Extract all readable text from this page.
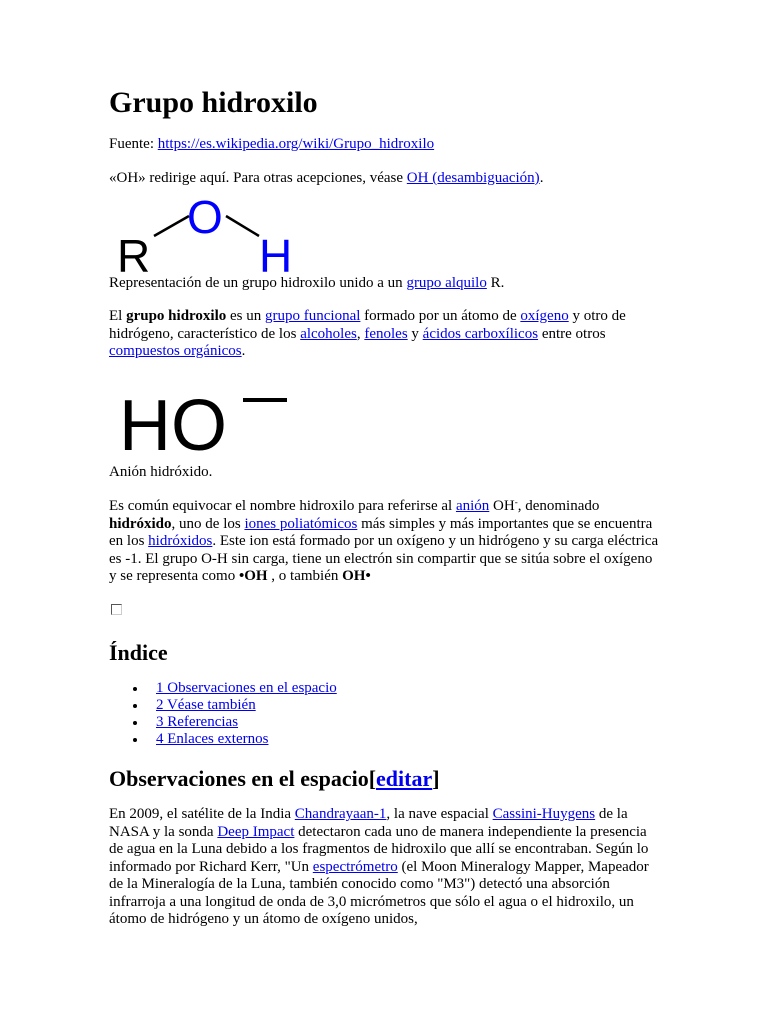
Grupo hidroxilo

Fuente: https://es.wikipedia.org/wiki/Grupo_hidroxilo

«OH» redirige aquí. Para otras acepciones, véase OH (desambiguación).

R
O
H

Representación de un grupo hidroxilo unido a un grupo alquilo R.

El grupo hidroxilo es un grupo funcional formado por un átomo de oxígeno y otro de hidrógeno, característico de los alcoholes, fenoles y ácidos carboxílicos entre otros compuestos orgánicos.

HO

Anión hidróxido.

Es común equivocar el nombre hidroxilo para referirse al anión OH-, denominado hidróxido, uno de los iones poliatómicos más simples y más importantes que se encuentra en los hidróxidos. Este ion está formado por un oxígeno y un hidrógeno y su carga eléctrica es -1. El grupo O-H sin carga, tiene un electrón sin compartir que se sitúa sobre el oxígeno y se representa como •OH , o también OH•

Índice
1 Observaciones en el espacio
2 Véase también
3 Referencias
4 Enlaces externos
Observaciones en el espacio[editar]

En 2009, el satélite de la India Chandrayaan-1, la nave espacial Cassini-Huygens de la NASA y la sonda Deep Impact detectaron cada uno de manera independiente la presencia de agua en la Luna debido a los fragmentos de hidroxilo que allí se encontraban. Según lo informado por Richard Kerr, "Un espectrómetro (el Moon Mineralogy Mapper, Mapeador de la Mineralogía de la Luna, también conocido como "M3") detectó una absorción infrarroja a una longitud de onda de 3,0 micrómetros que sólo el agua o el hidroxilo, un átomo de hidrógeno y un átomo de oxígeno unidos,
